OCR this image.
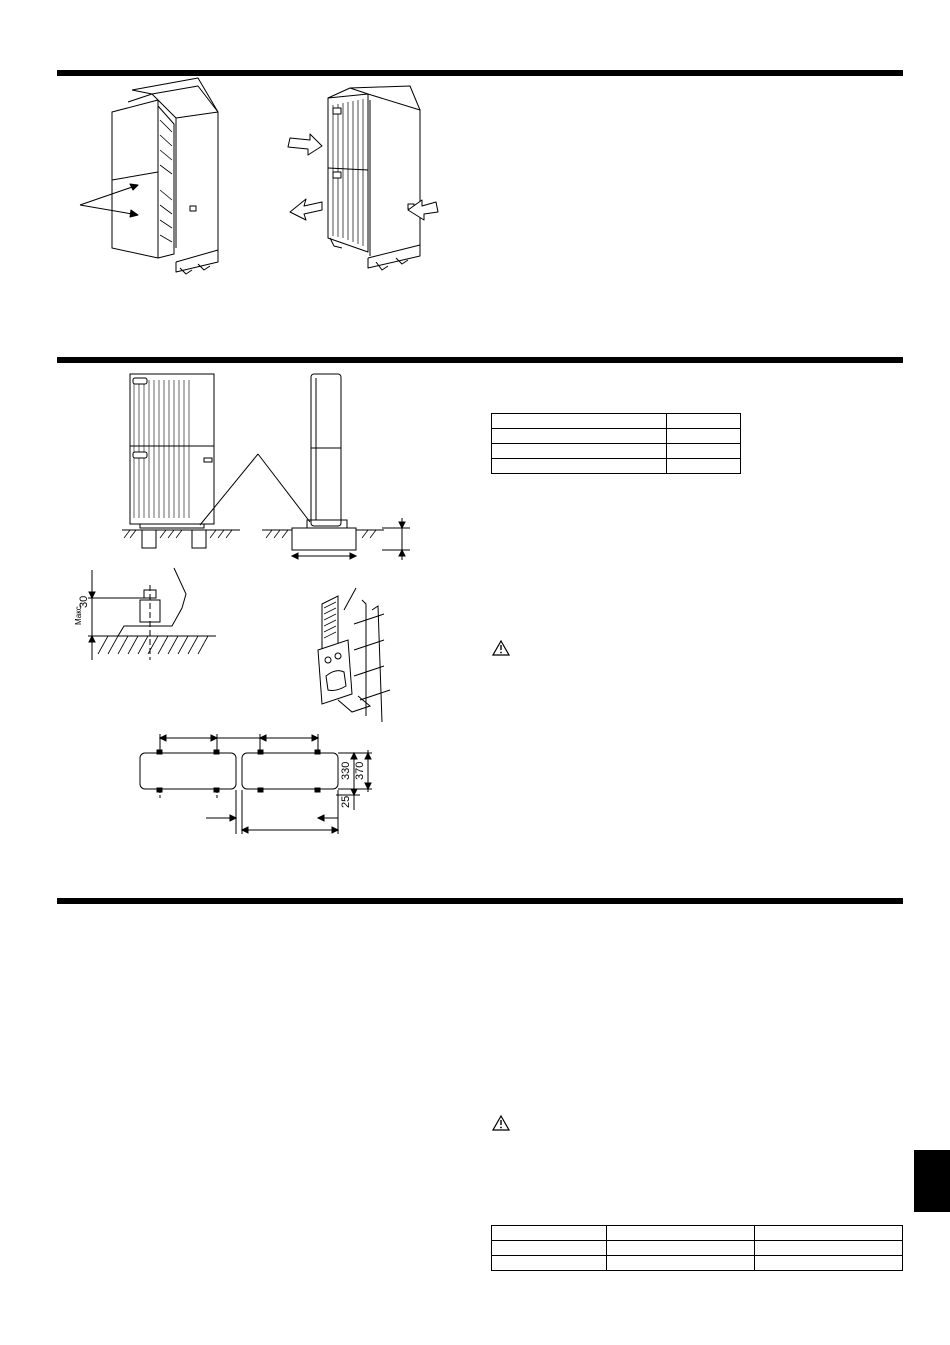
Макс.
30
330 370
25
